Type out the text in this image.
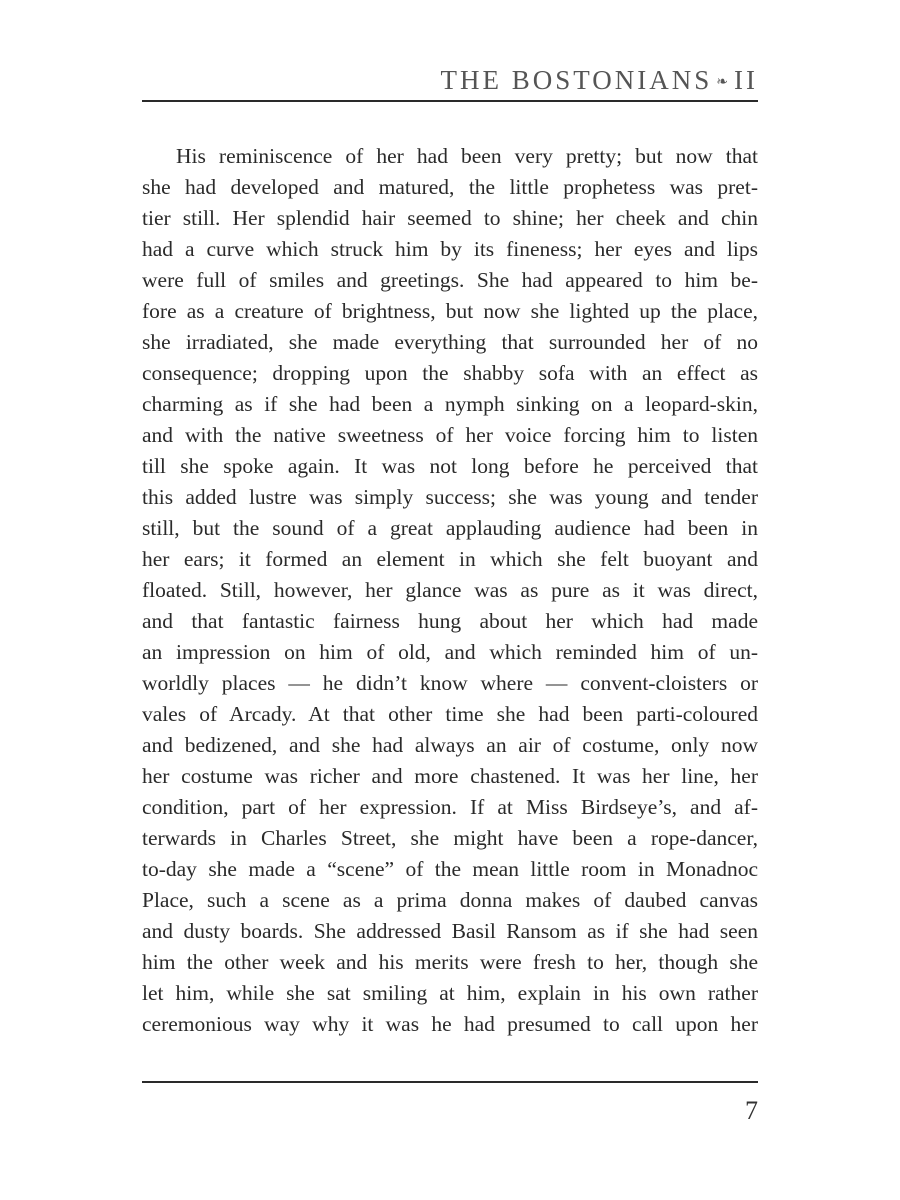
THE BOSTONIANS ❧ II
His reminiscence of her had been very pretty; but now that
she had developed and matured, the little prophetess was pret-
tier still. Her splendid hair seemed to shine; her cheek and chin
had a curve which struck him by its fineness; her eyes and lips
were full of smiles and greetings. She had appeared to him be-
fore as a creature of brightness, but now she lighted up the place,
she irradiated, she made everything that surrounded her of no
consequence; dropping upon the shabby sofa with an effect as
charming as if she had been a nymph sinking on a leopard-skin,
and with the native sweetness of her voice forcing him to listen
till she spoke again. It was not long before he perceived that
this added lustre was simply success; she was young and tender
still, but the sound of a great applauding audience had been in
her ears; it formed an element in which she felt buoyant and
floated. Still, however, her glance was as pure as it was direct,
and that fantastic fairness hung about her which had made
an impression on him of old, and which reminded him of un-
worldly places — he didn’t know where — convent-cloisters or
vales of Arcady. At that other time she had been parti-coloured
and bedizened, and she had always an air of costume, only now
her costume was richer and more chastened. It was her line, her
condition, part of her expression. If at Miss Birdseye’s, and af-
terwards in Charles Street, she might have been a rope-dancer,
to-day she made a “scene” of the mean little room in Monadnoc
Place, such a scene as a prima donna makes of daubed canvas
and dusty boards. She addressed Basil Ransom as if she had seen
him the other week and his merits were fresh to her, though she
let him, while she sat smiling at him, explain in his own rather
ceremonious way why it was he had presumed to call upon her
7
